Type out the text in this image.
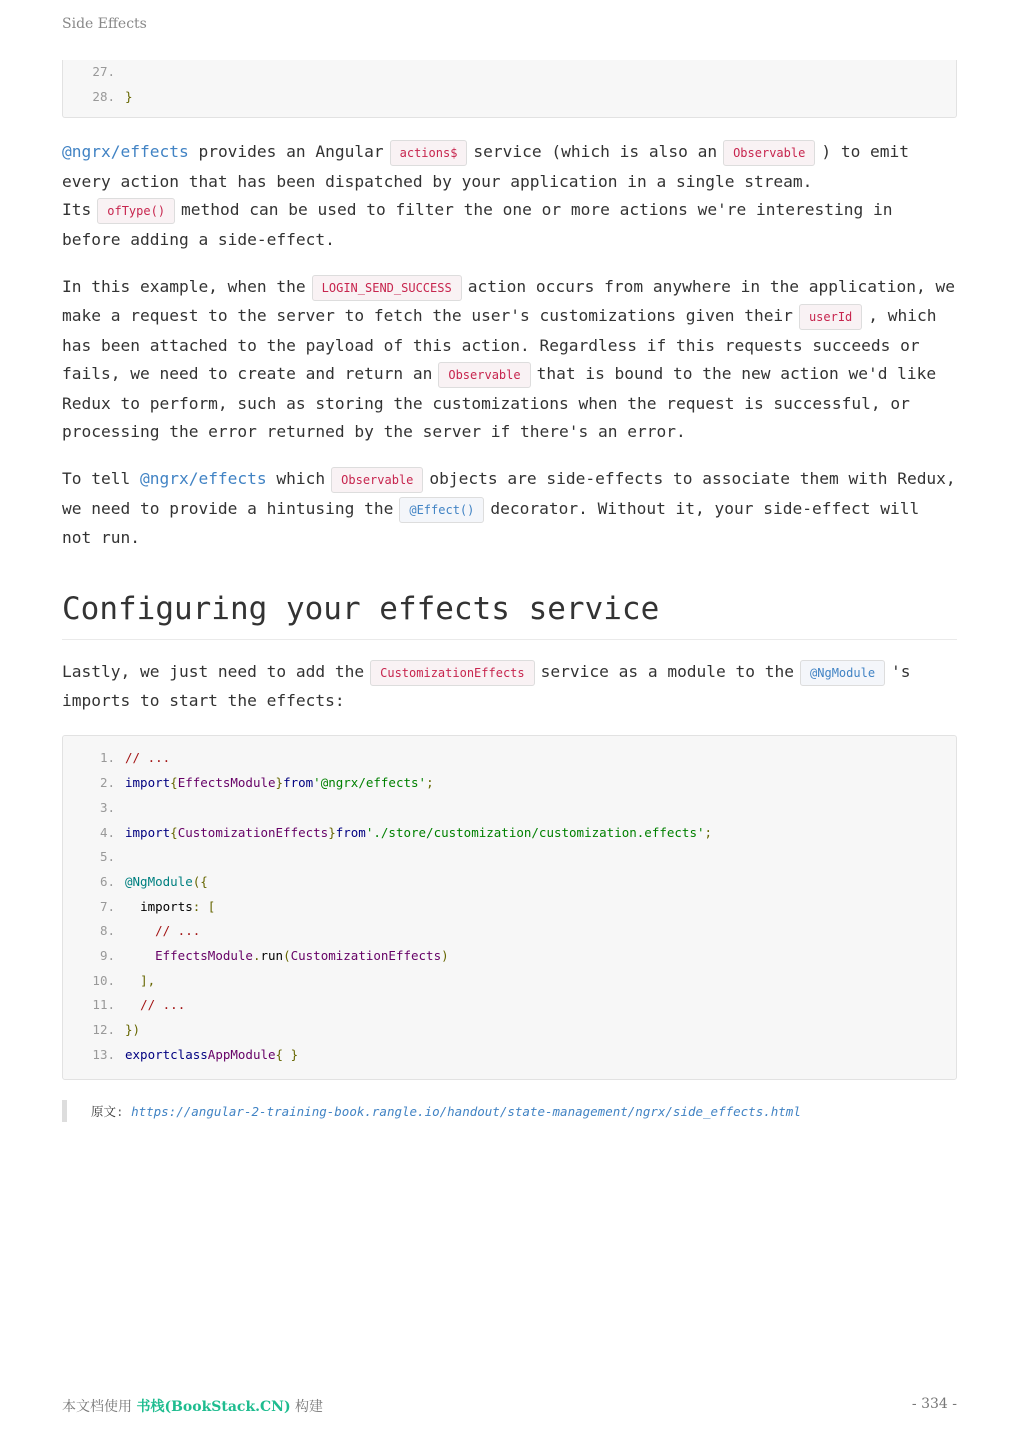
Side Effects
27.
28. }

@ngrx/effects provides an Angular actions$ service (which is also an Observable ) to emit every action that has been dispatched by your application in a single stream. Its ofType() method can be used to filter the one or more actions we're interesting in before adding a side-effect.

In this example, when the LOGIN_SEND_SUCCESS action occurs from anywhere in the application, we make a request to the server to fetch the user's customizations given their userId , which has been attached to the payload of this action. Regardless if this requests succeeds or fails, we need to create and return an Observable that is bound to the new action we'd like Redux to perform, such as storing the customizations when the request is successful, or processing the error returned by the server if there's an error.

To tell @ngrx/effects which Observable objects are side-effects to associate them with Redux, we need to provide a hintusing the @Effect() decorator. Without it, your side-effect will not run.

Configuring your effects service

Lastly, we just need to add the CustomizationEffects service as a module to the @NgModule 's imports to start the effects:

1. // ...
2. import { EffectsModule } from '@ngrx/effects' ;
3.
4. import { CustomizationEffects } from './store/customization/customization.effects' ;
5.
6. @NgModule ({
7.
	imports : [
8.
	// ...
9.
	EffectsModule . run ( CustomizationEffects )
10.
	],
11.
	// ...
12. })
13. export class AppModule { }
原文: https://angular-2-training-book.rangle.io/handout/state-management/ngrx/side_effects.html
本文档使用 书栈(BookStack.CN) 构建	- 334 -
